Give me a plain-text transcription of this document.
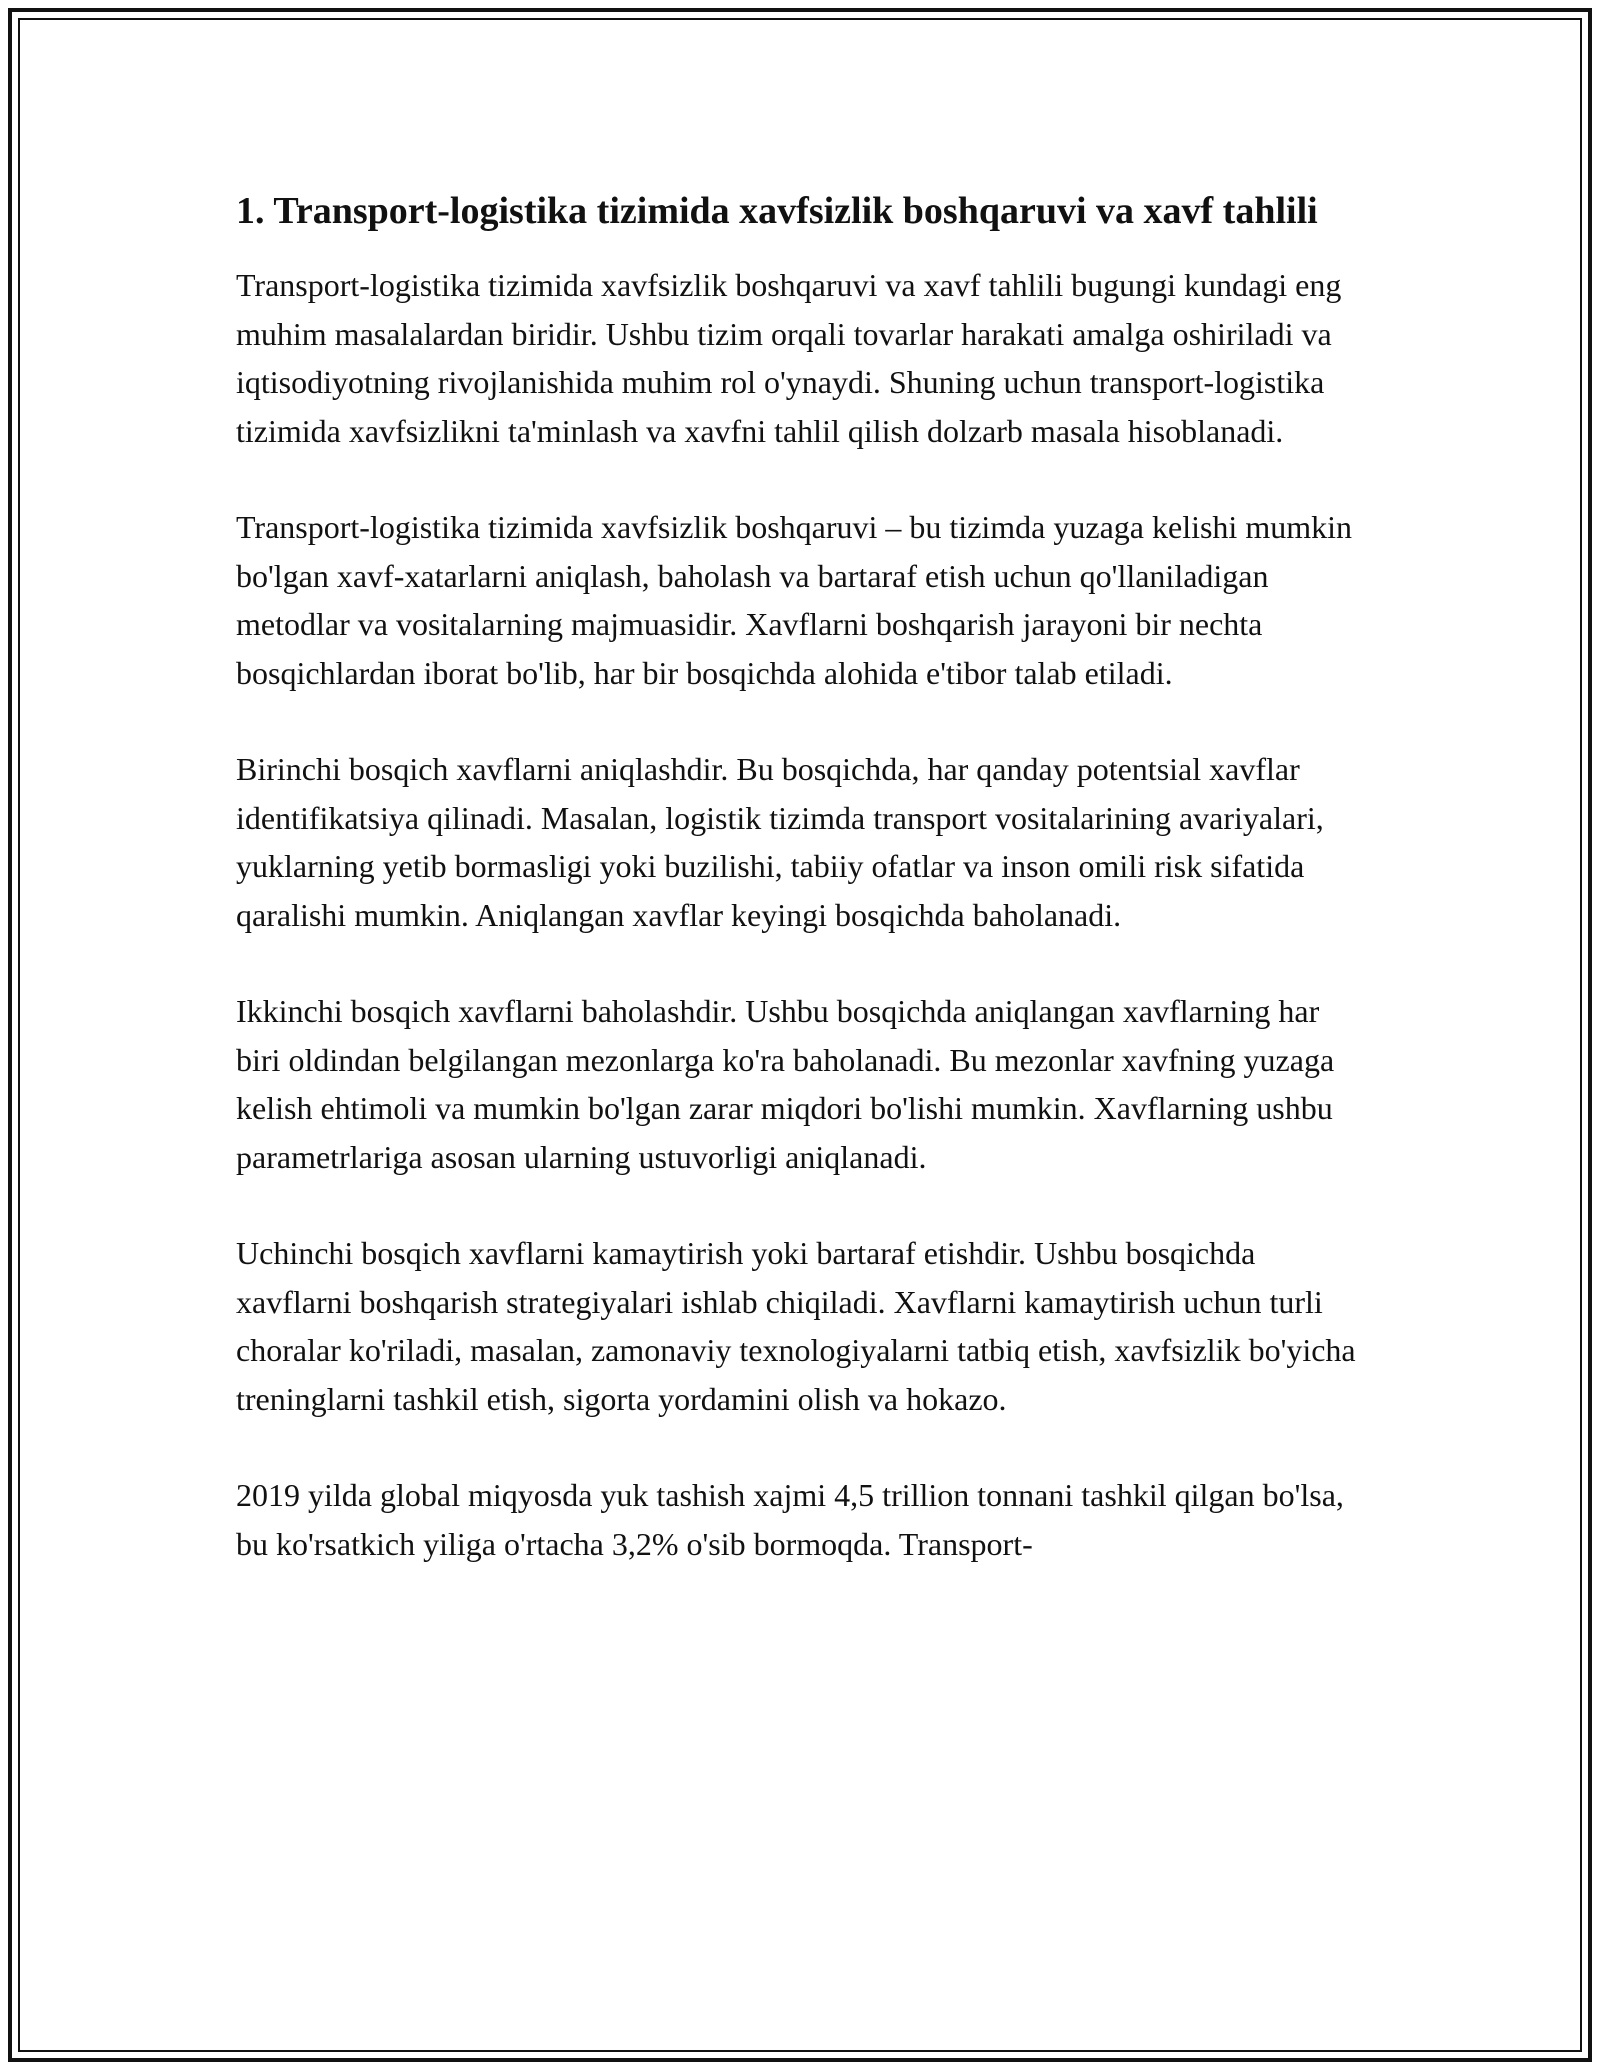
1. Transport-logistika tizimida xavfsizlik boshqaruvi va xavf tahlili

Transport-logistika tizimida xavfsizlik boshqaruvi va xavf tahlili bugungi kundagi eng muhim masalalardan biridir. Ushbu tizim orqali tovarlar harakati amalga oshiriladi va iqtisodiyotning rivojlanishida muhim rol o'ynaydi. Shuning uchun transport-logistika tizimida xavfsizlikni ta'minlash va xavfni tahlil qilish dolzarb masala hisoblanadi.

Transport-logistika tizimida xavfsizlik boshqaruvi – bu tizimda yuzaga kelishi mumkin bo'lgan xavf-xatarlarni aniqlash, baholash va bartaraf etish uchun qo'llaniladigan metodlar va vositalarning majmuasidir. Xavflarni boshqarish jarayoni bir nechta bosqichlardan iborat bo'lib, har bir bosqichda alohida e'tibor talab etiladi.

Birinchi bosqich xavflarni aniqlashdir. Bu bosqichda, har qanday potentsial xavflar identifikatsiya qilinadi. Masalan, logistik tizimda transport vositalarining avariyalari, yuklarning yetib bormasligi yoki buzilishi, tabiiy ofatlar va inson omili risk sifatida qaralishi mumkin. Aniqlangan xavflar keyingi bosqichda baholanadi.

Ikkinchi bosqich xavflarni baholashdir. Ushbu bosqichda aniqlangan xavflarning har biri oldindan belgilangan mezonlarga ko'ra baholanadi. Bu mezonlar xavfning yuzaga kelish ehtimoli va mumkin bo'lgan zarar miqdori bo'lishi mumkin. Xavflarning ushbu parametrlariga asosan ularning ustuvorligi aniqlanadi.

Uchinchi bosqich xavflarni kamaytirish yoki bartaraf etishdir. Ushbu bosqichda xavflarni boshqarish strategiyalari ishlab chiqiladi. Xavflarni kamaytirish uchun turli choralar ko'riladi, masalan, zamonaviy texnologiyalarni tatbiq etish, xavfsizlik bo'yicha treninglarni tashkil etish, sigorta yordamini olish va hokazo.

2019 yilda global miqyosda yuk tashish xajmi 4,5 trillion tonnani tashkil qilgan bo'lsa, bu ko'rsatkich yiliga o'rtacha 3,2% o'sib bormoqda. Transport-
